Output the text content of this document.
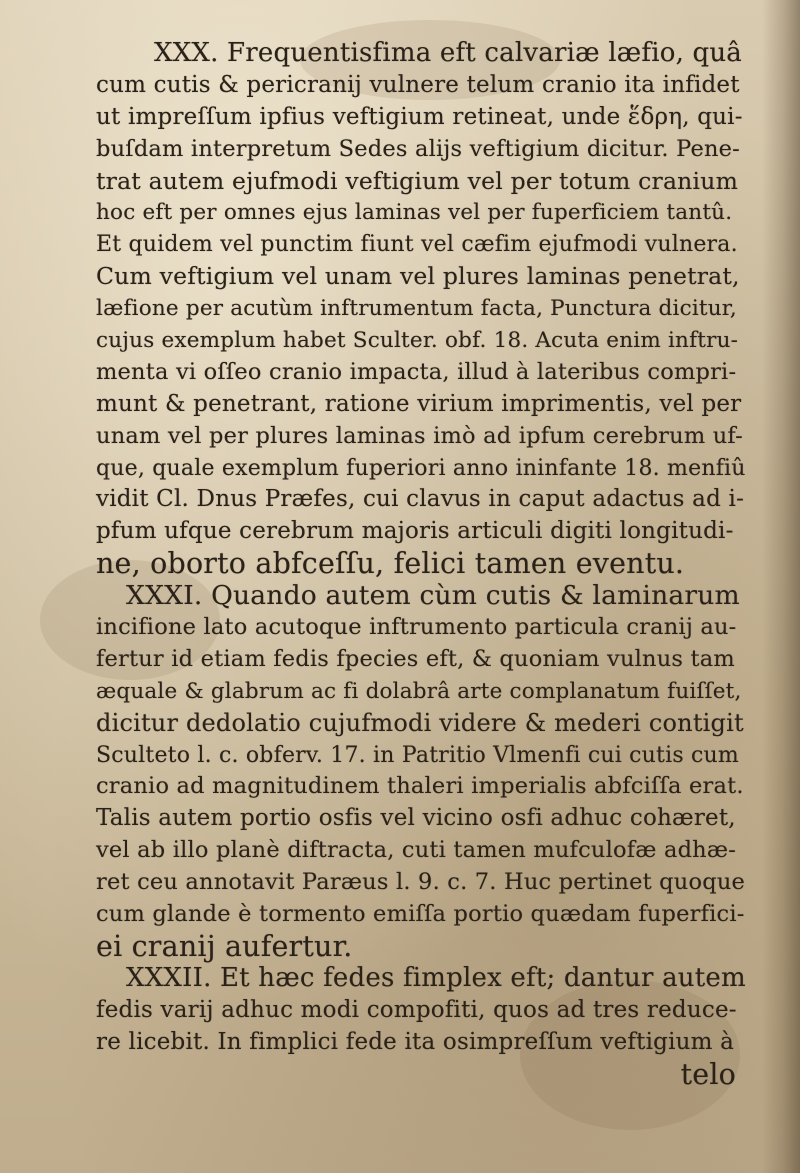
XXX. Frequentisfima eft calvariæ læfio, quâ
cum cutis & pericranij vulnere telum cranio ita infidet
ut impreſſum ipfius veftigium retineat, unde ἕδρη, qui-
buſdam interpretum Sedes alijs veftigium dicitur. Pene-
trat autem ejufmodi veftigium vel per totum cranium
hoc eft per omnes ejus laminas vel per fuperficiem tantû.
Et quidem vel punctim fiunt vel cæfim ejufmodi vulnera.
Cum veftigium vel unam vel plures laminas penetrat,
læfione per acutùm inftrumentum facta, Punctura dicitur,
cujus exemplum habet Sculter. obf. 18. Acuta enim inftru-
menta vi oſſeo cranio impacta, illud à lateribus compri-
munt & penetrant, ratione virium imprimentis, vel per
unam vel per plures laminas imò ad ipfum cerebrum uf-
que, quale exemplum fuperiori anno ininfante 18. menfiû
vidit Cl. Dnus Præfes, cui clavus in caput adactus ad i-
pfum ufque cerebrum majoris articuli digiti longitudi-
ne, oborto abfceſſu, felici tamen eventu.
XXXI. Quando autem cùm cutis & laminarum
incifione lato acutoque inftrumento particula cranij au-
fertur id etiam fedis fpecies eft, & quoniam vulnus tam
æquale & glabrum ac fi dolabrâ arte complanatum fuiſſet,
dicitur dedolatio cujufmodi videre & mederi contigit
Sculteto l. c. obferv. 17. in Patritio Vlmenfi cui cutis cum
cranio ad magnitudinem thaleri imperialis abfciſſa erat.
Talis autem portio osfis vel vicino osfi adhuc cohæret,
vel ab illo planè diftracta, cuti tamen mufculofæ adhæ-
ret ceu annotavit Paræus l. 9. c. 7. Huc pertinet quoque
cum glande è tormento emiſſa portio quædam fuperfici-
ei cranij aufertur.
XXXII. Et hæc fedes fimplex eft; dantur autem
fedis varij adhuc modi compofiti, quos ad tres reduce-
re licebit. In fimplici fede ita osimpreſſum veftigium à
telo
